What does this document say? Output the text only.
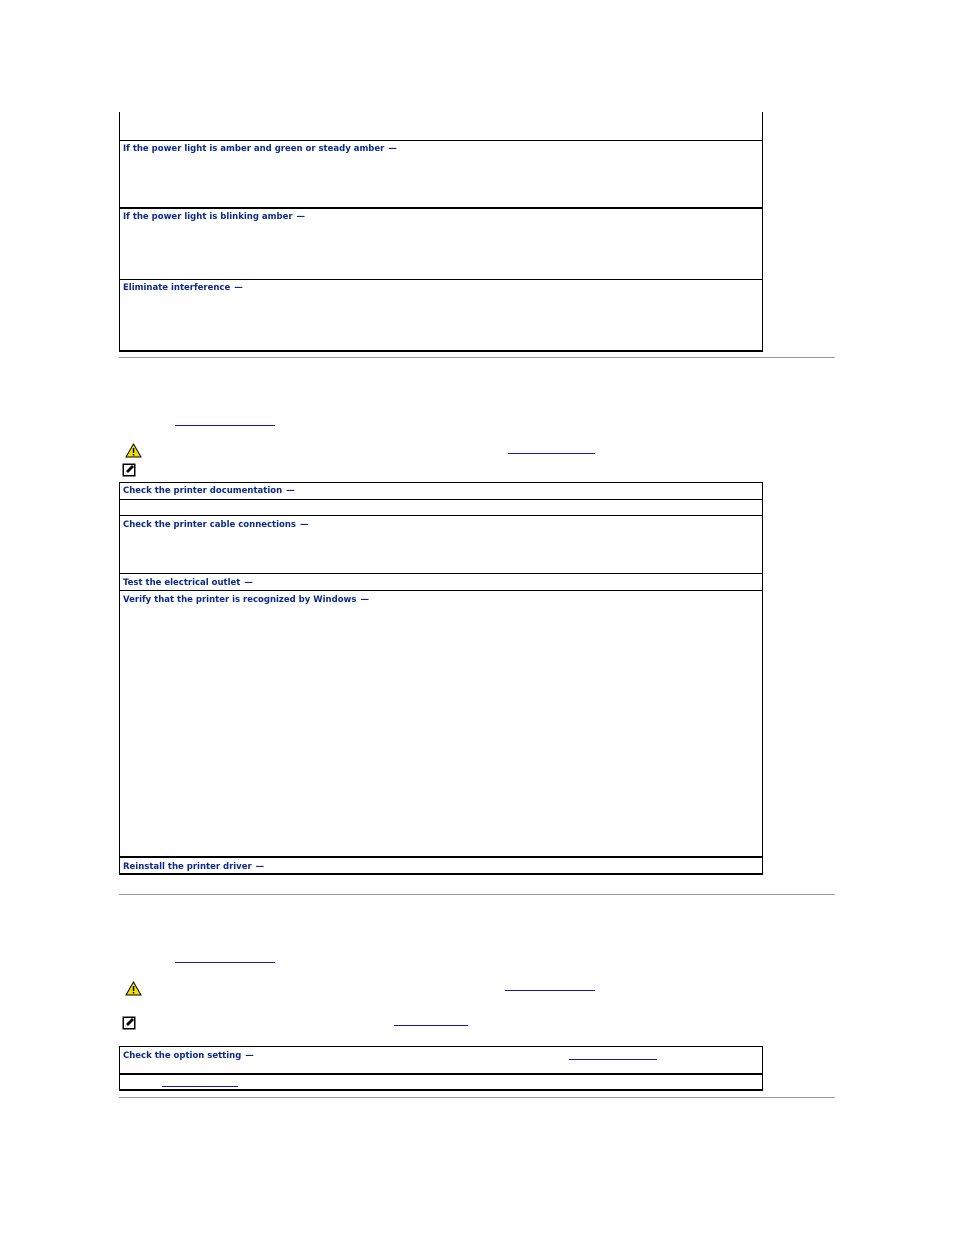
If the power light is amber and green or steady amber —
If the power light is blinking amber —
Eliminate interference —
Check the printer documentation —
Check the printer cable connections —
Test the electrical outlet —
Verify that the printer is recognized by Windows —
Reinstall the printer driver —
Check the option setting —
